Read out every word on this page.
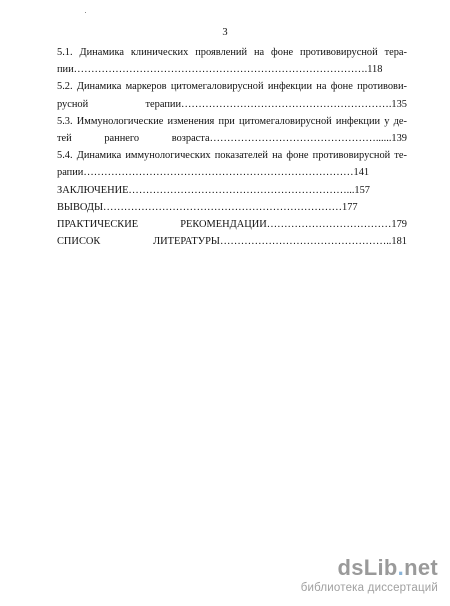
3
5.1. Динамика клинических проявлений на фоне противовирусной тера-
пии………………………………………………………………………….118
5.2. Динамика маркеров цитомегаловирусной инфекции на фоне противови-
русной терапии…………………………………………………….135
5.3. Иммунологические изменения при цитомегаловирусной инфекции у де-
тей раннего возраста…………………………………………......139
5.4. Динамика иммунологических показателей на фоне противовирусной те-
рапии……………………………………………………………………141
ЗАКЛЮЧЕНИЕ………………………………………………………...157
ВЫВОДЫ……………………………………………………………177
ПРАКТИЧЕСКИЕ РЕКОМЕНДАЦИИ………………………………179
СПИСОК ЛИТЕРАТУРЫ…………………………………………..181
dsLib.net
библиотека диссертаций
